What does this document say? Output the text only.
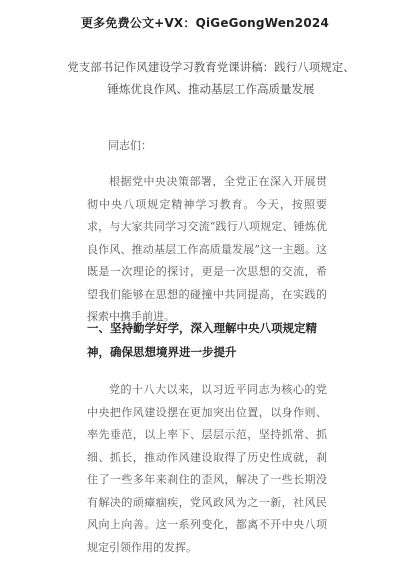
更多免费公文+VX：QiGeGongWen2024
党支部书记作风建设学习教育党课讲稿：践行八项规定、锤炼优良作风、推动基层工作高质量发展
同志们：

根据党中央决策部署，全党正在深入开展贯彻中央八项规定精神学习教育。今天，按照要求，与大家共同学习交流“践行八项规定、锤炼优良作风、推动基层工作高质量发展”这一主题。这既是一次理论的探讨，更是一次思想的交流，希望我们能够在思想的碰撞中共同提高，在实践的探索中携手前进。

一、坚持勤学好学，深入理解中央八项规定精神，确保思想境界进一步提升

党的十八大以来，以习近平同志为核心的党中央把作风建设摆在更加突出位置，以身作则、率先垂范，以上率下、层层示范，坚持抓常、抓细、抓长，推动作风建设取得了历史性成就，刹住了一些多年来刹住的歪风，解决了一些长期没有解决的顽瘴痼疾，党风政风为之一新，社风民风向上向善。这一系列变化，都离不开中央八项规定引领作用的发挥。
